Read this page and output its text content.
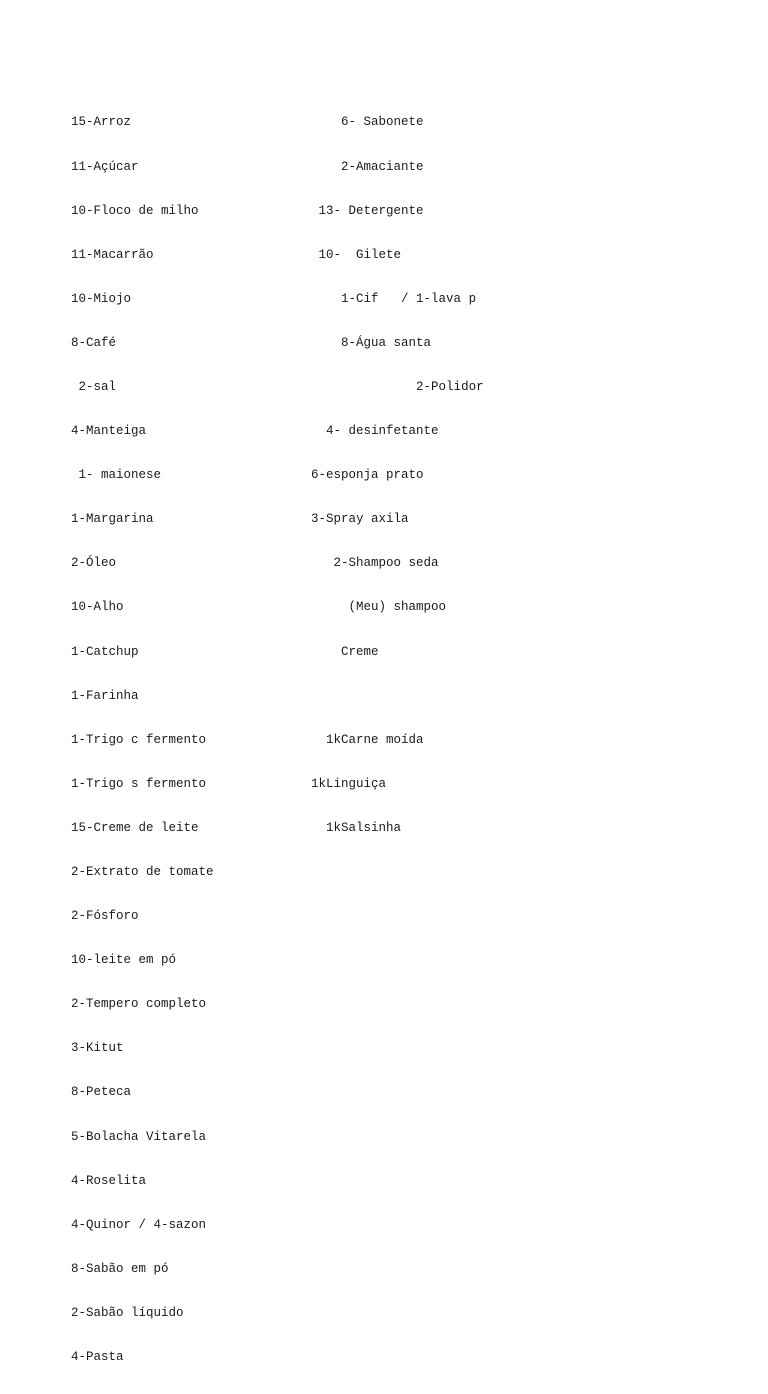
15-Arroz                            6- Sabonete

11-Açúcar                           2-Amaciante

10-Floco de milho                13- Detergente

11-Macarrão                      10-  Gilete

10-Miojo                            1-Cif   / 1-lava p

8-Café                              8-Água santa

2-sal                                        2-Polidor

4-Manteiga                        4- desinfetante

1- maionese                    6-esponja prato

1-Margarina                     3-Spray axila

2-Óleo                             2-Shampoo seda

10-Alho                              (Meu) shampoo

1-Catchup                           Creme

1-Farinha

1-Trigo c fermento                1kCarne moída

1-Trigo s fermento              1kLinguiça

15-Creme de leite                 1kSalsinha

2-Extrato de tomate

2-Fósforo

10-leite em pó

2-Tempero completo

3-Kitut

8-Peteca

5-Bolacha Vitarela

4-Roselita

4-Quinor / 4-sazon

8-Sabão em pó

2-Sabão líquido

4-Pasta
